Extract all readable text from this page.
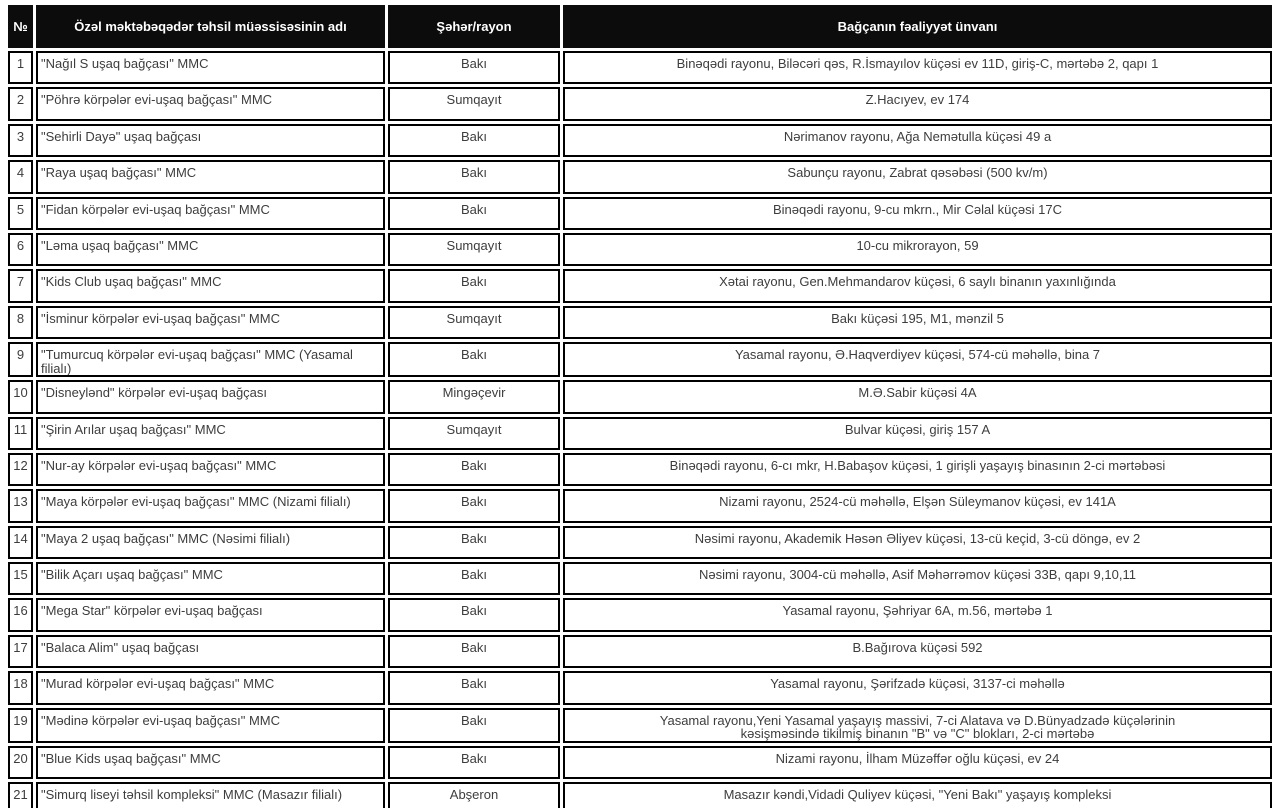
№	Özəl məktəbəqədər təhsil müəssisəsinin adı	Şəhər/rayon	Bağçanın fəaliyyət ünvanı
1	"Nağıl S uşaq bağçası" MMC	Bakı	Binəqədi rayonu, Biləcəri qəs, R.İsmayılov küçəsi ev 11D, giriş-C, mərtəbə 2, qapı 1
2	"Pöhrə körpələr evi-uşaq bağçası" MMC	Sumqayıt	Z.Hacıyev, ev 174
3	"Sehirli Dayə" uşaq bağçası	Bakı	Nərimanov rayonu, Ağa Nemətulla küçəsi 49 a
4	"Raya uşaq bağçası" MMC	Bakı	Sabunçu rayonu, Zabrat qəsəbəsi (500 kv/m)
5	"Fidan körpələr evi-uşaq bağçası" MMC	Bakı	Binəqədi rayonu, 9-cu mkrn., Mir Cəlal küçəsi 17C
6	"Ləma uşaq bağçası" MMC	Sumqayıt	10-cu mikrorayon, 59
7	"Kids Club uşaq bağçası" MMC	Bakı	Xətai rayonu, Gen.Mehmandarov küçəsi, 6 saylı binanın yaxınlığında
8	"İsminur körpələr evi-uşaq bağçası" MMC	Sumqayıt	Bakı küçəsi 195, M1, mənzil 5
9	"Tumurcuq körpələr evi-uşaq bağçası" MMC (Yasamal filialı)	Bakı	Yasamal rayonu, Ə.Haqverdiyev küçəsi, 574-cü məhəllə, bina 7
10	"Disneylənd" körpələr evi-uşaq bağçası	Mingəçevir	M.Ə.Sabir küçəsi 4A
11	"Şirin Arılar uşaq bağçası" MMC	Sumqayıt	Bulvar küçəsi, giriş 157 A
12	"Nur-ay körpələr evi-uşaq bağçası" MMC	Bakı	Binəqədi rayonu, 6-cı mkr, H.Babaşov küçəsi, 1 girişli yaşayış binasının 2-ci mərtəbəsi
13	"Maya körpələr evi-uşaq bağçası" MMC (Nizami filialı)	Bakı	Nizami rayonu, 2524-cü məhəllə, Elşən Süleymanov küçəsi, ev 141A
14	"Maya 2 uşaq bağçası" MMC (Nəsimi filialı)	Bakı	Nəsimi rayonu, Akademik Həsən Əliyev küçəsi, 13-cü keçid, 3-cü döngə, ev 2
15	"Bilik Açarı uşaq bağçası" MMC	Bakı	Nəsimi rayonu, 3004-cü məhəllə, Asif Məhərrəmov küçəsi 33B, qapı 9,10,11
16	"Mega Star" körpələr evi-uşaq bağçası	Bakı	Yasamal rayonu, Şəhriyar 6A, m.56, mərtəbə 1
17	"Balaca Alim" uşaq bağçası	Bakı	B.Bağırova küçəsi 592
18	"Murad körpələr evi-uşaq bağçası" MMC	Bakı	Yasamal rayonu, Şərifzadə küçəsi, 3137-ci məhəllə
19	"Mədinə körpələr evi-uşaq bağçası" MMC	Bakı	Yasamal rayonu,Yeni Yasamal yaşayış massivi, 7-ci Alatava və D.Bünyadzadə küçələrinin kəsişməsində tikilmiş binanın "B" və "C" blokları, 2-ci mərtəbə
20	"Blue Kids uşaq bağçası" MMC	Bakı	Nizami rayonu, İlham Müzəffər oğlu küçəsi, ev 24
21	"Simurq liseyi təhsil kompleksi" MMC (Masazır filialı)	Abşeron	Masazır kəndi,Vidadi Quliyev küçəsi, "Yeni Bakı" yaşayış kompleksi
